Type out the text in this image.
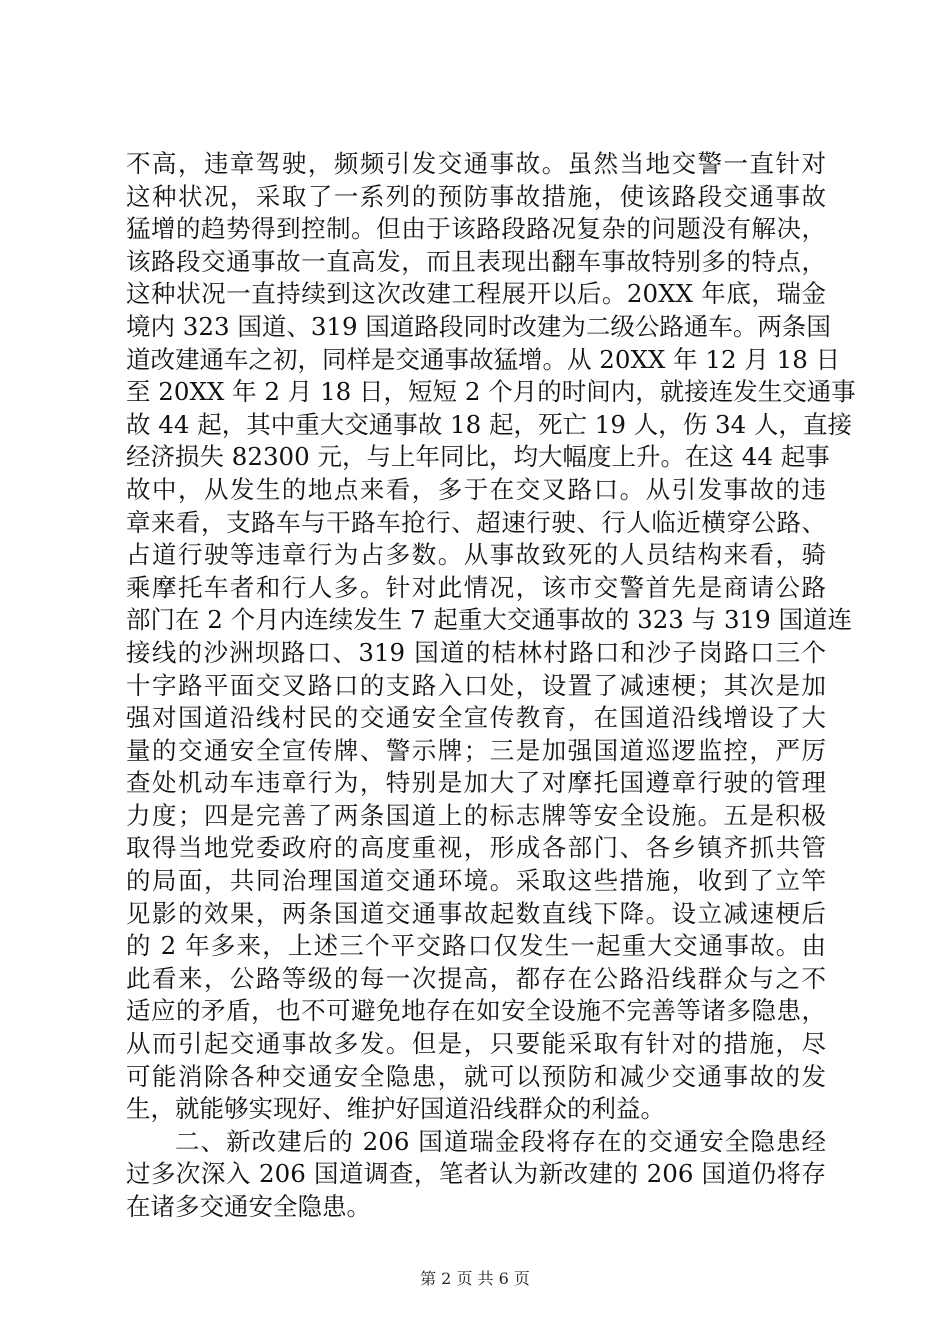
不高，违章驾驶，频频引发交通事故。虽然当地交警一直针对
这种状况，采取了一系列的预防事故措施，使该路段交通事故
猛增的趋势得到控制。但由于该路段路况复杂的问题没有解决，
该路段交通事故一直高发，而且表现出翻车事故特别多的特点，
这种状况一直持续到这次改建工程展开以后。20XX 年底，瑞金
境内 323 国道、319 国道路段同时改建为二级公路通车。两条国
道改建通车之初，同样是交通事故猛增。从 20XX 年 12 月 18 日
至 20XX 年 2 月 18 日，短短 2 个月的时间内，就接连发生交通事
故 44 起，其中重大交通事故 18 起，死亡 19 人，伤 34 人，直接
经济损失 82300 元，与上年同比，均大幅度上升。在这 44 起事
故中，从发生的地点来看，多于在交叉路口。从引发事故的违
章来看，支路车与干路车抢行、超速行驶、行人临近横穿公路、
占道行驶等违章行为占多数。从事故致死的人员结构来看，骑
乘摩托车者和行人多。针对此情况，该市交警首先是商请公路
部门在 2 个月内连续发生 7 起重大交通事故的 323 与 319 国道连
接线的沙洲坝路口、319 国道的桔林村路口和沙子岗路口三个
十字路平面交叉路口的支路入口处，设置了减速梗；其次是加
强对国道沿线村民的交通安全宣传教育，在国道沿线增设了大
量的交通安全宣传牌、警示牌；三是加强国道巡逻监控，严厉
查处机动车违章行为，特别是加大了对摩托国遵章行驶的管理
力度；四是完善了两条国道上的标志牌等安全设施。五是积极
取得当地党委政府的高度重视，形成各部门、各乡镇齐抓共管
的局面，共同治理国道交通环境。采取这些措施，收到了立竿
见影的效果，两条国道交通事故起数直线下降。设立减速梗后
的 2 年多来，上述三个平交路口仅发生一起重大交通事故。由
此看来，公路等级的每一次提高，都存在公路沿线群众与之不
适应的矛盾，也不可避免地存在如安全设施不完善等诸多隐患，
从而引起交通事故多发。但是，只要能采取有针对的措施，尽
可能消除各种交通安全隐患，就可以预防和减少交通事故的发
生，就能够实现好、维护好国道沿线群众的利益。
二、新改建后的 206 国道瑞金段将存在的交通安全隐患经
过多次深入 206 国道调查，笔者认为新改建的 206 国道仍将存
在诸多交通安全隐患。
第 2 页 共 6 页
